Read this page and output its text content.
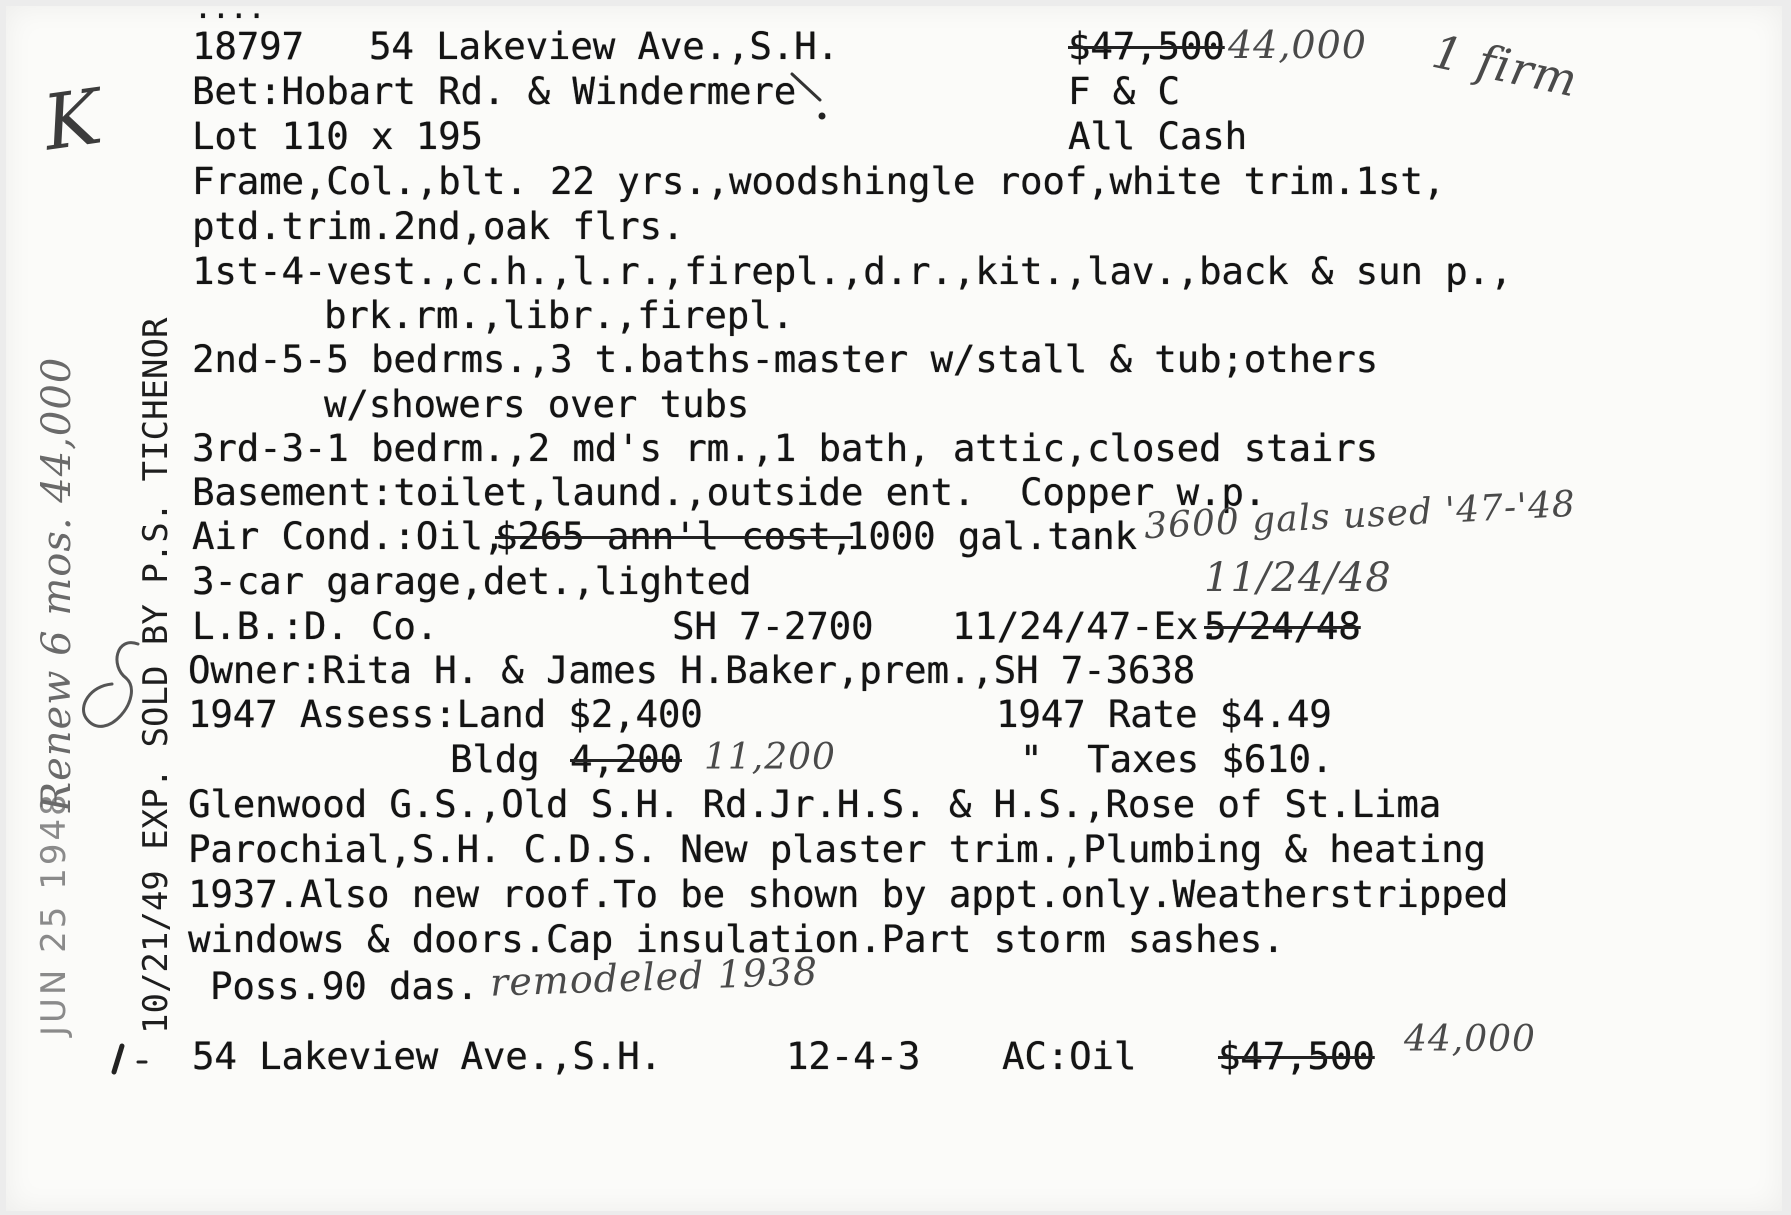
....
18797 54 Lakeview Ave.,S.H.	$47,500
Bet:Hobart Rd. & Windermere	F & C
Lot 110 x 195	All Cash
Frame,Col.,blt. 22 yrs.,woodshingle roof,white trim.1st,
ptd.trim.2nd,oak flrs.
1st-4-vest.,c.h.,l.r.,firepl.,d.r.,kit.,lav.,back & sun p.,
brk.rm.,libr.,firepl.
2nd-5-5 bedrms.,3 t.baths-master w/stall & tub;others
w/showers over tubs
3rd-3-1 bedrm.,2 md's rm.,1 bath, attic,closed stairs
Basement:toilet,laund.,outside ent.  Copper w.p.
Air Cond.:Oil,
$265 ann'l cost,
1000 gal.tank
3-car garage,det.,lighted
L.B.:D. Co.	SH 7-2700 11/24/47-Ex.
5/24/48
Owner:Rita H. & James H.Baker,prem.,SH 7-3638
1947 Assess:Land $2,400	1947 Rate $4.49
Bldg 4,200	"  Taxes $610.
Glenwood G.S.,Old S.H. Rd.Jr.H.S. & H.S.,Rose of St.Lima
Parochial,S.H. C.D.S. New plaster trim.,Plumbing & heating
1937.Also new roof.To be shown by appt.only.Weatherstripped
windows & doors.Cap insulation.Part storm sashes.
Poss.90 das.
54 Lakeview Ave.,S.H.	12-4-3 AC:Oil $47,500
44,000 1 firm
K
3600 gals used '47-'48
11/24/48
11,200
remodeled 1938
44,000
JUN 25 1948
Renew 6 mos. 44,000 10/21/49 EXP. SOLD BY P.S. TICHENOR
